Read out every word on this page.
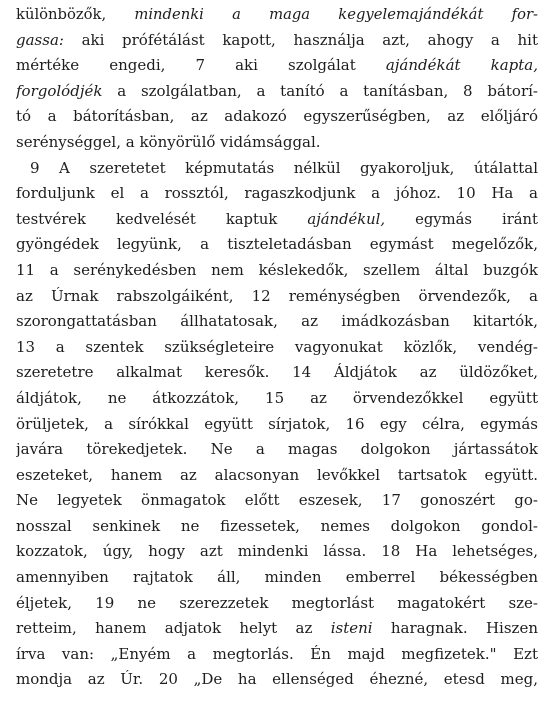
különbözők, mindenki a maga kegyelemajándékát for-
gassa: aki prófétálást kapott, használja azt, ahogy a hit
mértéke engedi, 7 aki szolgálat ajándékát kapta,
forgolódjék a szolgálatban, a tanító a tanításban, 8 bátorí-
tó a bátorításban, az adakozó egyszerűségben, az előljáró
serénységgel, a könyörülő vidámsággal.
9 A szeretetet képmutatás nélkül gyakoroljuk, útálattal
forduljunk el a rossztól, ragaszkodjunk a jóhoz. 10 Ha a
testvérek kedvelését kaptuk ajándékul, egymás iránt
gyöngédek legyünk, a tiszteletadásban egymást megelőzők,
11 a serénykedésben nem késlekedők, szellem által buzgók
az Úrnak rabszolgáiként, 12 reménységben örvendezők, a
szorongattatásban állhatatosak, az imádkozásban kitartók,
13 a szentek szükségleteire vagyonukat közlők, vendég-
szeretetre alkalmat keresők. 14 Áldjátok az üldözőket,
áldjátok, ne átkozzátok, 15 az örvendezőkkel együtt
örüljetek, a sírókkal együtt sírjatok, 16 egy célra, egymás
javára törekedjetek. Ne a magas dolgokon jártassátok
eszeteket, hanem az alacsonyan levőkkel tartsatok együtt.
Ne legyetek önmagatok előtt eszesek, 17 gonoszért go-
nosszal senkinek ne fizessetek, nemes dolgokon gondol-
kozzatok, úgy, hogy azt mindenki lássa. 18 Ha lehetséges,
amennyiben rajtatok áll, minden emberrel békességben
éljetek, 19 ne szerezzetek megtorlást magatokért sze-
retteim, hanem adjatok helyt az isteni haragnak. Hiszen
írva van: „Enyém a megtorlás. Én majd megfizetek." Ezt
mondja az Úr. 20 „De ha ellenséged éhezné, etesd meg,
